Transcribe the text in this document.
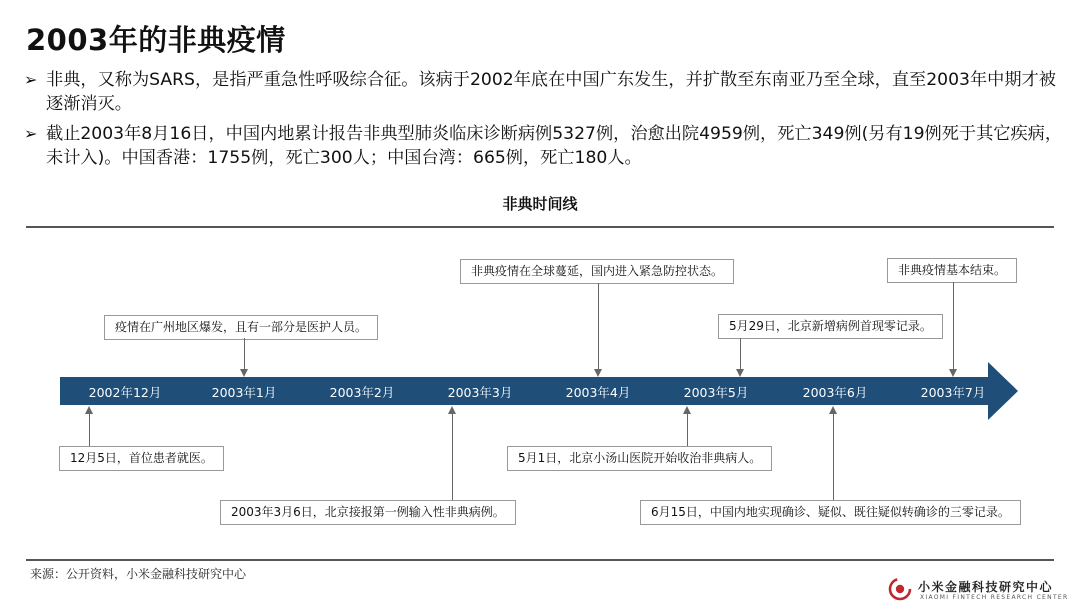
2003年的非典疫情
➢ 非典，又称为SARS，是指严重急性呼吸综合征。该病于2002年底在中国广东发生，并扩散至东南亚乃至全球，直至2003年中期才被逐渐消灭。
➢ 截止2003年8月16日，中国内地累计报告非典型肺炎临床诊断病例5327例，治愈出院4959例，死亡349例(另有19例死于其它疾病，未计入)。中国香港：1755例，死亡300人；中国台湾：665例，死亡180人。
非典时间线
2002年12月	2003年1月	2003年2月	2003年3月	2003年4月	2003年5月	2003年6月	2003年7月
疫情在广州地区爆发，且有一部分是医护人员。
非典疫情在全球蔓延，国内进入紧急防控状态。
5月29日，北京新增病例首现零记录。
非典疫情基本结束。
12月5日，首位患者就医。
2003年3月6日，北京接报第一例输入性非典病例。
5月1日，北京小汤山医院开始收治非典病人。
6月15日，中国内地实现确诊、疑似、既往疑似转确诊的三零记录。
来源：公开资料，小米金融科技研究中心
小米金融科技研究中心
XIAOMI FINTECH RESEARCH CENTER
